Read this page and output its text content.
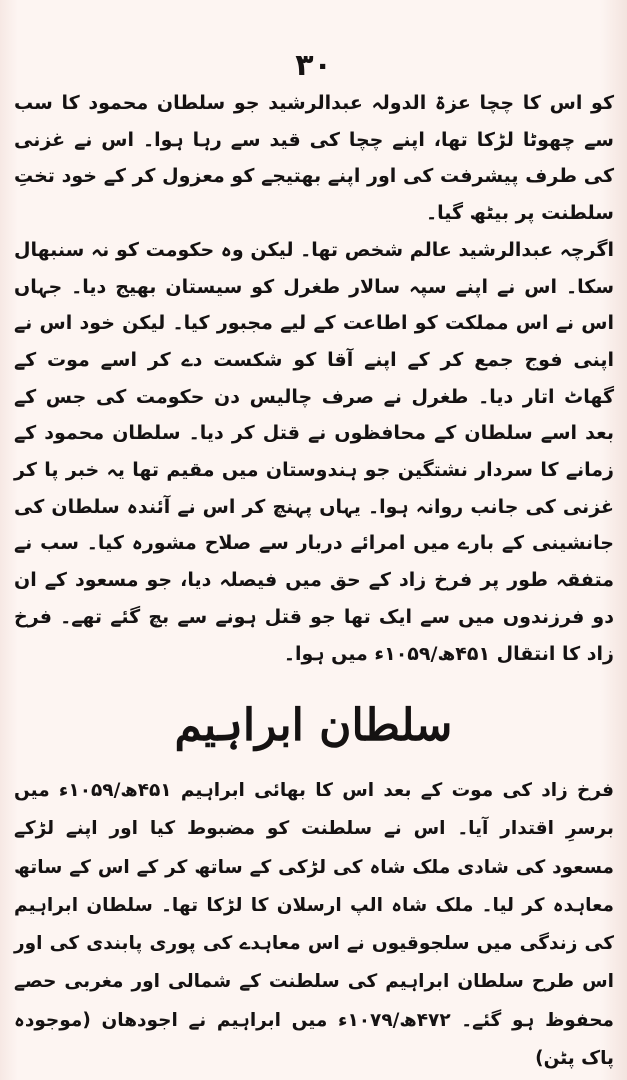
۳۰

کو اس کا چچا عزۃ الدولہ عبدالرشید جو سلطان محمود کا سب سے چھوٹا لڑکا تھا، اپنے چچا کی قید سے رہا ہوا۔ اس نے غزنی کی طرف پیشرفت کی اور اپنے بھتیجے کو معزول کر کے خود تختِ سلطنت پر بیٹھ گیا۔

اگرچہ عبدالرشید عالم شخص تھا۔ لیکن وہ حکومت کو نہ سنبھال سکا۔ اس نے اپنے سپہ سالار طغرل کو سیستان بھیج دیا۔ جہاں اس نے اس مملکت کو اطاعت کے لیے مجبور کیا۔ لیکن خود اس نے اپنی فوج جمع کر کے اپنے آقا کو شکست دے کر اسے موت کے گھاٹ اتار دیا۔ طغرل نے صرف چالیس دن حکومت کی جس کے بعد اسے سلطان کے محافظوں نے قتل کر دیا۔ سلطان محمود کے زمانے کا سردار نشتگین جو ہندوستان میں مقیم تھا یہ خبر پا کر غزنی کی جانب روانہ ہوا۔ یہاں پہنچ کر اس نے آئندہ سلطان کی جانشینی کے بارے میں امرائے دربار سے صلاح مشورہ کیا۔ سب نے متفقہ طور پر فرخ زاد کے حق میں فیصلہ دیا، جو مسعود کے ان دو فرزندوں میں سے ایک تھا جو قتل ہونے سے بچ گئے تھے۔ فرخ زاد کا انتقال ۴۵۱ھ/۱۰۵۹ء میں ہوا۔

سلطان ابراہیم

فرخ زاد کی موت کے بعد اس کا بھائی ابراہیم ۴۵۱ھ/۱۰۵۹ء میں برسرِ اقتدار آیا۔ اس نے سلطنت کو مضبوط کیا اور اپنے لڑکے مسعود کی شادی ملک شاہ کی لڑکی کے ساتھ کر کے اس کے ساتھ معاہدہ کر لیا۔ ملک شاہ الپ ارسلان کا لڑکا تھا۔ سلطان ابراہیم کی زندگی میں سلجوقیوں نے اس معاہدے کی پوری پابندی کی اور اس طرح سلطان ابراہیم کی سلطنت کے شمالی اور مغربی حصے محفوظ ہو گئے۔ ۴۷۲ھ/۱۰۷۹ء میں ابراہیم نے اجودھان (موجودہ پاک پٹن)
